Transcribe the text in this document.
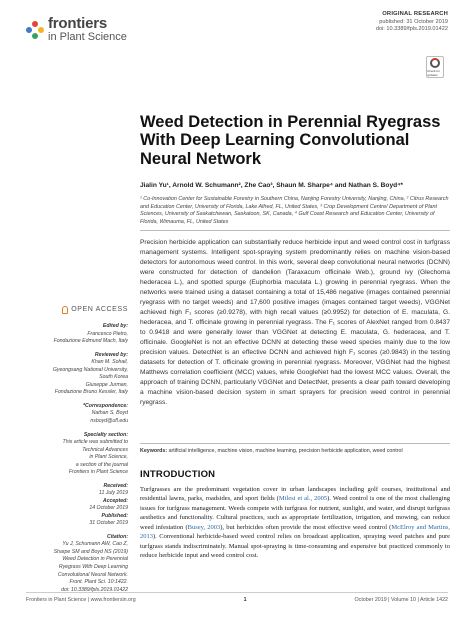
frontiers
in Plant Science
ORIGINAL RESEARCH
published: 31 October 2019
doi: 10.3389/fpls.2019.01422
Check for updates
Weed Detection in Perennial Ryegrass With Deep Learning Convolutional Neural Network
Jialin Yu¹, Arnold W. Schumann², Zhe Cao³, Shaun M. Sharpe⁴ and Nathan S. Boyd⁴*
¹ Co-Innovation Center for Sustainable Forestry in Southern China, Nanjing Forestry University, Nanjing, China, ² Citrus Research and Education Center, University of Florida, Lake Alfred, FL, United States, ³ Crop Development Centre/ Department of Plant Sciences, University of Saskatchewan, Saskatoon, SK, Canada, ⁴ Gulf Coast Research and Education Center, University of Florida, Wimauma, FL, United States
Precision herbicide application can substantially reduce herbicide input and weed control cost in turfgrass management systems. Intelligent spot-spraying system predominantly relies on machine vision-based detectors for autonomous weed control. In this work, several deep convolutional neural networks (DCNN) were constructed for detection of dandelion (Taraxacum officinale Web.), ground ivy (Glechoma hederacea L.), and spotted spurge (Euphorbia maculata L.) growing in perennial ryegrass. When the networks were trained using a dataset containing a total of 15,486 negative (images contained perennial ryegrass with no target weeds) and 17,600 positive images (images contained target weeds), VGGNet achieved high F₁ scores (≥0.9278), with high recall values (≥0.9952) for detection of E. maculata, G. hederacea, and T. officinale growing in perennial ryegrass. The F₁ scores of AlexNet ranged from 0.8437 to 0.9418 and were generally lower than VGGNet at detecting E. maculata, G. hederacea, and T. officinale. GoogleNet is not an effective DCNN at detecting these weed species mainly due to the low precision values. DetectNet is an effective DCNN and achieved high F₁ scores (≥0.9843) in the testing datasets for detection of T. officinale growing in perennial ryegrass. Moreover, VGGNet had the highest Matthews correlation coefficient (MCC) values, while GoogleNet had the lowest MCC values. Overall, the approach of training DCNN, particularly VGGNet and DetectNet, presents a clear path toward developing a machine vision-based decision system in smart sprayers for precision weed control in perennial ryegrass.
Keywords: artificial intelligence, machine vision, machine learning, precision herbicide application, weed control
OPEN ACCESS
Edited by:
Francesco Pietro,
Fondazione Edmund Mach, Italy
Reviewed by:
Khan M. Sohail,
Gyeongsang National University,
South Korea
Giuseppe Jurman,
Fondazione Bruno Kessler, Italy
*Correspondence:
Nathan S. Boyd
nsboyd@ufl.edu
Specialty section:
This article was submitted to
Technical Advances
in Plant Science,
a section of the journal
Frontiers in Plant Science
Received:
11 July 2019
Accepted:
14 October 2019
Published:
31 October 2019
Citation:
Yu J, Schumann AW, Cao Z,
Sharpe SM and Boyd NS (2019)
Weed Detection in Perennial
Ryegrass With Deep Learning
Convolutional Neural Network.
Front. Plant Sci. 10:1422.
doi: 10.3389/fpls.2019.01422
INTRODUCTION

Turfgrasses are the predominant vegetation cover in urban landscapes including golf courses, institutional and residential lawns, parks, roadsides, and sport fields (Milesi et al., 2005). Weed control is one of the most challenging issues for turfgrass management. Weeds compete with turfgrass for nutrient, sunlight, and water, and disrupt turfgrass aesthetics and functionality. Cultural practices, such as appropriate fertilization, irrigation, and mowing, can reduce weed infestation (Busey, 2003), but herbicides often provide the most effective weed control (McElroy and Martins, 2013). Conventional herbicide-based weed control relies on broadcast application, spraying weed patches and pure turfgrass stands indiscriminately. Manual spot-spraying is time-consuming and expensive but practiced commonly to reduce herbicide input and weed control cost.

Frontiers in Plant Science | www.frontiersin.org	1	October 2019 | Volume 10 | Article 1422
